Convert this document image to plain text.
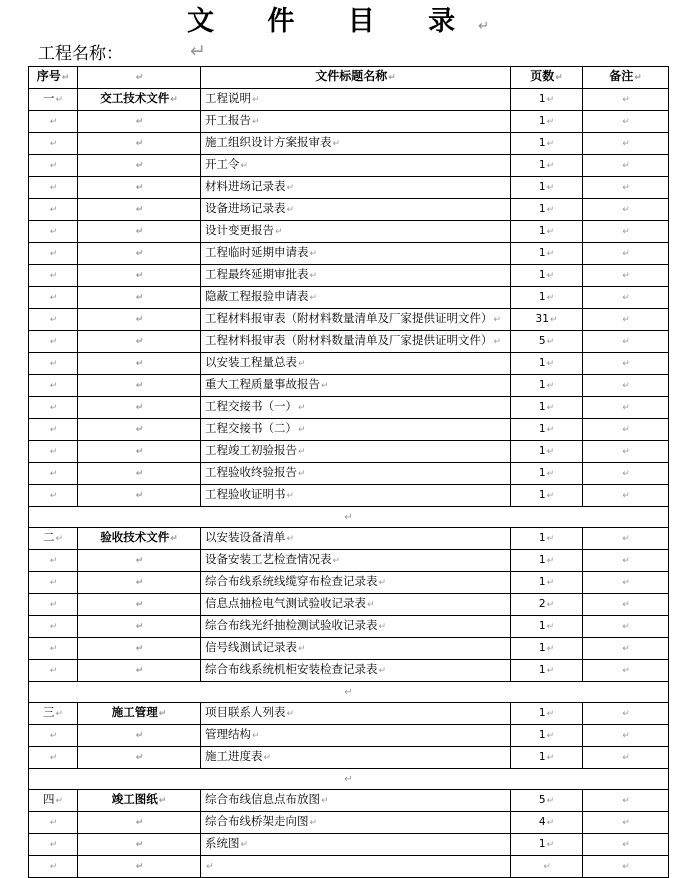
文 件 目 录↵
工程名称：	↵
序号↵	↵	文件标题名称↵	页数↵	备注↵
一↵	交工技术文件↵	工程说明↵	1↵	↵
↵	↵	开工报告↵	1↵	↵
↵	↵	施工组织设计方案报审表↵	1↵	↵
↵	↵	开工令↵	1↵	↵
↵	↵	材料进场记录表↵	1↵	↵
↵	↵	设备进场记录表↵	1↵	↵
↵	↵	设计变更报告↵	1↵	↵
↵	↵	工程临时延期申请表↵	1↵	↵
↵	↵	工程最终延期审批表↵	1↵	↵
↵	↵	隐蔽工程报验申请表↵	1↵	↵
↵	↵	工程材料报审表（附材料数量清单及厂家提供证明文件）↵	31↵	↵
↵	↵	工程材料报审表（附材料数量清单及厂家提供证明文件）↵	5↵	↵
↵	↵	以安装工程量总表↵	1↵	↵
↵	↵	重大工程质量事故报告↵	1↵	↵
↵	↵	工程交接书（一）↵	1↵	↵
↵	↵	工程交接书（二）↵	1↵	↵
↵	↵	工程竣工初验报告↵	1↵	↵
↵	↵	工程验收终验报告↵	1↵	↵
↵	↵	工程验收证明书↵	1↵	↵
↵				
二↵	验收技术文件↵	以安装设备清单↵	1↵	↵
↵	↵	设备安装工艺检查情况表↵	1↵	↵
↵	↵	综合布线系统线缆穿布检查记录表↵	1↵	↵
↵	↵	信息点抽检电气测试验收记录表↵	2↵	↵
↵	↵	综合布线光纤抽检测试验收记录表↵	1↵	↵
↵	↵	信号线测试记录表↵	1↵	↵
↵	↵	综合布线系统机柜安装检查记录表↵	1↵	↵
↵				
三↵	施工管理↵	项目联系人列表↵	1↵	↵
↵	↵	管理结构↵	1↵	↵
↵	↵	施工进度表↵	1↵	↵
↵				
四↵	竣工图纸↵	综合布线信息点布放图↵	5↵	↵
↵	↵	综合布线桥架走向图↵	4↵	↵
↵	↵	系统图↵	1↵	↵
↵	↵	↵	↵	↵
